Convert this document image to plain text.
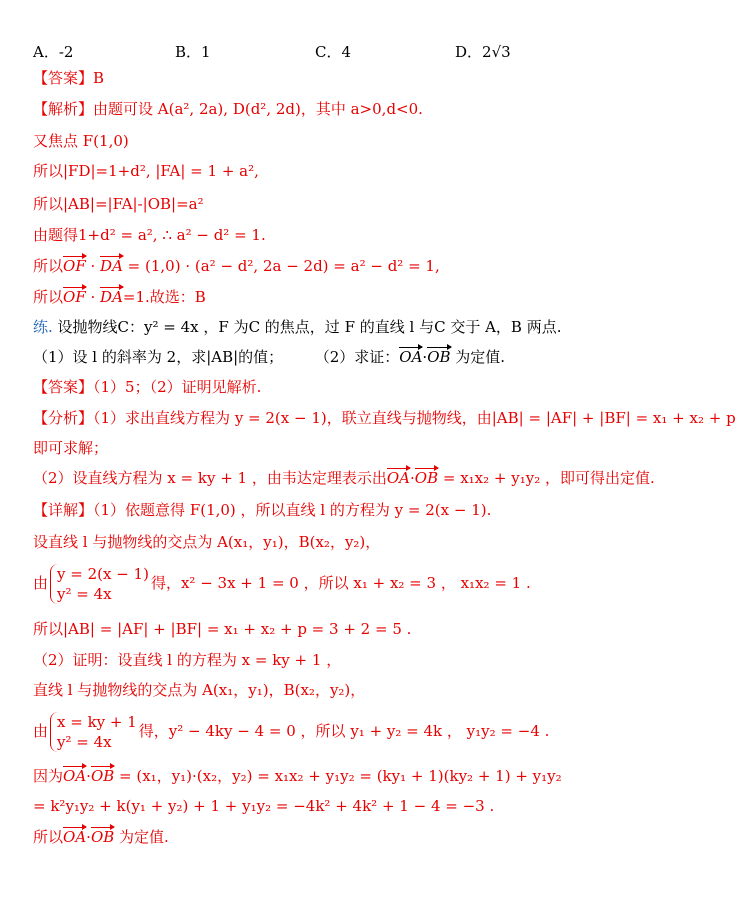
A．-2	B．1	C．4	D．2√3
【答案】B
【解析】由题可设 A(a², 2a), D(d², 2d)，其中 a>0,d<0.
又焦点 F(1,0)
所以|FD|=1+d², |FA| = 1 + a²,
所以|AB|=|FA|-|OB|=a²
由题得1+d² = a², ∴ a² − d² = 1.
所以OF · DA = (1,0) · (a² − d², 2a − 2d) = a² − d² = 1,
所以OF · DA=1.故选：B
练. 设抛物线C：y² = 4x ，F 为C 的焦点，过 F 的直线 l 与C 交于 A，B 两点.
（1）设 l 的斜率为 2，求|AB|的值； （2）求证：OA·OB 为定值.
【答案】（1）5；（2）证明见解析.
【分析】（1）求出直线方程为 y = 2(x − 1)，联立直线与抛物线，由|AB| = |AF| + |BF| = x₁ + x₂ + p
即可求解；
（2）设直线方程为 x = ky + 1 ，由韦达定理表示出OA·OB = x₁x₂ + y₁y₂ ，即可得出定值.
【详解】（1）依题意得 F(1,0) ，所以直线 l 的方程为 y = 2(x − 1).
设直线 l 与抛物线的交点为 A(x₁，y₁)，B(x₂，y₂)，
由 y = 2(x − 1)
y² = 4x
得，x² − 3x + 1 = 0 ，所以 x₁ + x₂ = 3 ， x₁x₂ = 1 .
所以|AB| = |AF| + |BF| = x₁ + x₂ + p = 3 + 2 = 5 .
（2）证明：设直线 l 的方程为 x = ky + 1 ，
直线 l 与抛物线的交点为 A(x₁，y₁)，B(x₂，y₂)，
由 x = ky + 1
y² = 4x
得，y² − 4ky − 4 = 0 ，所以 y₁ + y₂ = 4k ， y₁y₂ = −4 .
因为OA·OB = (x₁，y₁)·(x₂，y₂) = x₁x₂ + y₁y₂ = (ky₁ + 1)(ky₂ + 1) + y₁y₂
= k²y₁y₂ + k(y₁ + y₂) + 1 + y₁y₂ = −4k² + 4k² + 1 − 4 = −3 .
所以OA·OB 为定值.
